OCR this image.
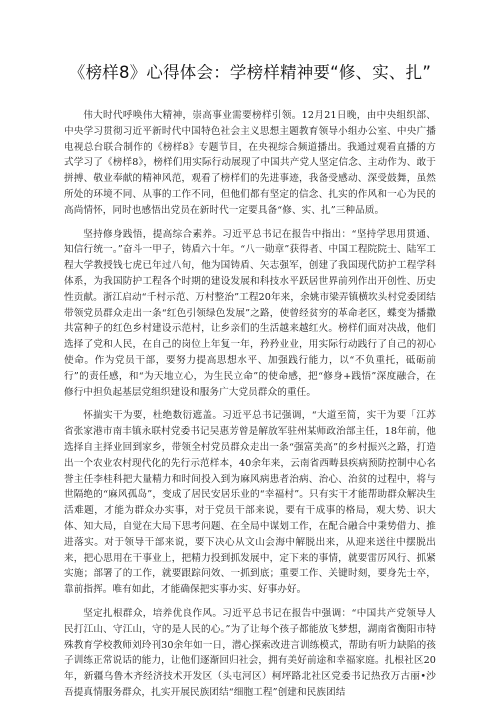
《榜样8》心得体会：学榜样精神要“修、实、扎”

伟大时代呼唤伟大精神，崇高事业需要榜样引领。12月21日晚，由中央组织部、中央学习贯彻习近平新时代中国特色社会主义思想主题教育领导小组办公室、中央广播电视总台联合制作的《榜样8》专题节目，在央视综合频道播出。我通过观看直播的方式学习了《榜样8》，榜样们用实际行动展现了中国共产党人坚定信念、主动作为、敢于拼搏、敬业奉献的精神风范，观看了榜样们的先进事迹，我备受感动、深受鼓舞，虽然所处的环境不同、从事的工作不同，但他们都有坚定的信念、扎实的作风和一心为民的高尚情怀，同时也感悟出党员在新时代一定要具备“修、实、扎”三种品质。

坚持修身践悟，提高综合素养。习近平总书记在报告中指出：“坚持学思用贯通、知信行统一。”奋斗一甲子，铸盾六十年。“八一勋章”获得者、中国工程院院士、陆军工程大学教授钱七虎已年过八旬，他为国铸盾、矢志强军，创建了我国现代防护工程学科体系，为我国防护工程各个时期的建设发展和科技水平跃居世界前列作出开创性、历史性贡献。浙江启动“千村示范、万村整治”工程20年来，余姚市梁弄镇横坎头村党委团结带领党员群众走出一条“红色引领绿色发展”之路，使曾经贫穷的革命老区，蝶变为播撒共富种子的红色乡村建设示范村，让乡亲们的生活越来越红火。榜样们面对决战，他们选择了党和人民，在自己的岗位上年复一年，矜矜业业，用实际行动践行了自己的初心使命。作为党员干部，要努力提高思想水平、加强践行能力，以“不负重托，砥砺前行”的责任感，和“为天地立心，为生民立命”的使命感，把“修身+践悟”深度融合，在修行中担负起基层党组织建设和服务广大党员群众的重任。

怀揣实干为要，杜绝数衍遮盖。习近平总书记强调，“大道至简，实干为要「江苏省张家港市南丰镇永联村党委书记吴惠芳曾是解放军驻州某师政治部主任，18年前，他选择自主择业回到家乡，带领全村党员群众走出一条“强富美高”的乡村振兴之路，打造出一个农业农村现代化的先行示范样本，40余年来，云南省西畴县疾病预防控制中心名誉主任李桂科把大量精力和时间投入到为麻风病患者治病、治心、治贫的过程中，将与世隔绝的“麻风孤岛”，变成了居民安居乐业的“幸福村”。只有实干才能帮助群众解决生活难题，才能为群众办实事，对于党员干部来说，要有干成事的格局，观大势、识大体、知大局，自觉在大局下思考问题、在全局中谋划工作，在配合融合中秉势借力、推进落实。对于领导干部来说，要下决心从文山会海中解脱出来，从迎来送往中摆脱出来，把心思用在干事业上，把精力投到抓发展中，定下来的事情，就要雷厉风行、抓紧实施；部署了的工作，就要跟踪问效、一抓到底；重要工作、关键时刻，要身先士卒，靠前指挥。唯有如此，才能确保把实事办实、好事办好。

坚定扎根群众，培养优良作风。习近平总书记在报告中强调：“中国共产党领导人民打江山、守江山，守的是人民的心。”为了让每个孩子都能放飞梦想，湖南省衡阳市特殊教育学校教师刘玲刊30余年如一日，潜心探索改进言训练模式，帮助有听力缺陷的孩子训练正常说话的能力，让他们逐渐回归社会，拥有美好前途和幸福家庭。扎根社区20年，新疆乌鲁木齐经济技术开发区（头屯河区）柯坪路北社区党委书记热孜万古丽•沙吾提真情服务群众，扎实开展民族团结“细胞工程”创建和民族团结
